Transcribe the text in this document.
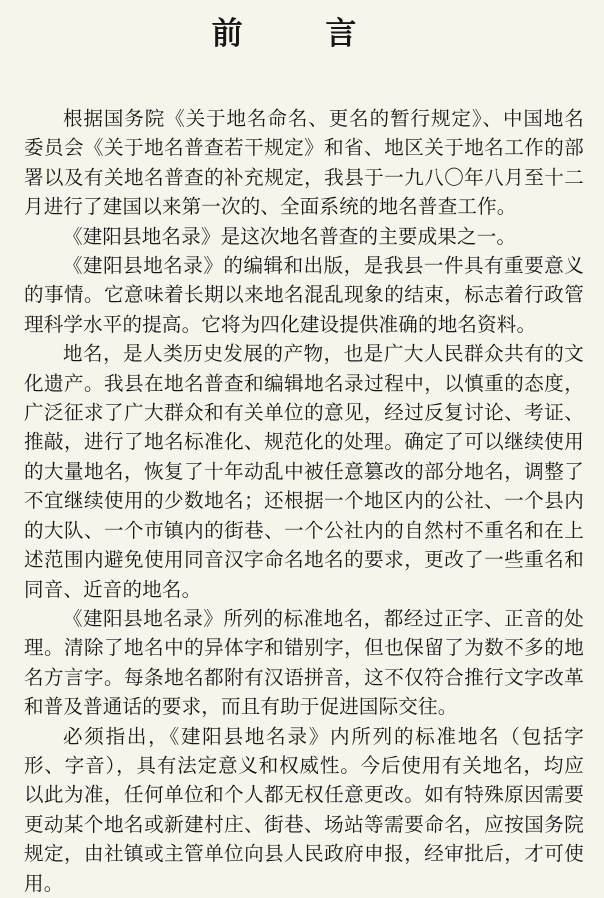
前 言

根据国务院《关于地名命名、更名的暂行规定》、中国地名委员会《关于地名普查若干规定》和省、地区关于地名工作的部署以及有关地名普查的补充规定，我县于一九八〇年八月至十二月进行了建国以来第一次的、全面系统的地名普查工作。

《建阳县地名录》是这次地名普查的主要成果之一。

《建阳县地名录》的编辑和出版，是我县一件具有重要意义的事情。它意味着长期以来地名混乱现象的结束，标志着行政管理科学水平的提高。它将为四化建设提供准确的地名资料。

地名，是人类历史发展的产物，也是广大人民群众共有的文化遗产。我县在地名普查和编辑地名录过程中，以慎重的态度，广泛征求了广大群众和有关单位的意见，经过反复讨论、考证、推敲，进行了地名标准化、规范化的处理。确定了可以继续使用的大量地名，恢复了十年动乱中被任意篡改的部分地名，调整了不宜继续使用的少数地名；还根据一个地区内的公社、一个县内的大队、一个市镇内的街巷、一个公社内的自然村不重名和在上述范围内避免使用同音汉字命名地名的要求，更改了一些重名和同音、近音的地名。

《建阳县地名录》所列的标准地名，都经过正字、正音的处理。清除了地名中的异体字和错别字，但也保留了为数不多的地名方言字。每条地名都附有汉语拼音，这不仅符合推行文字改革和普及普通话的要求，而且有助于促进国际交往。

必须指出，《建阳县地名录》内所列的标准地名（包括字形、字音），具有法定意义和权威性。今后使用有关地名，均应以此为准，任何单位和个人都无权任意更改。如有特殊原因需要更动某个地名或新建村庄、街巷、场站等需要命名，应按国务院规定，由社镇或主管单位向县人民政府申报，经审批后，才可使用。
